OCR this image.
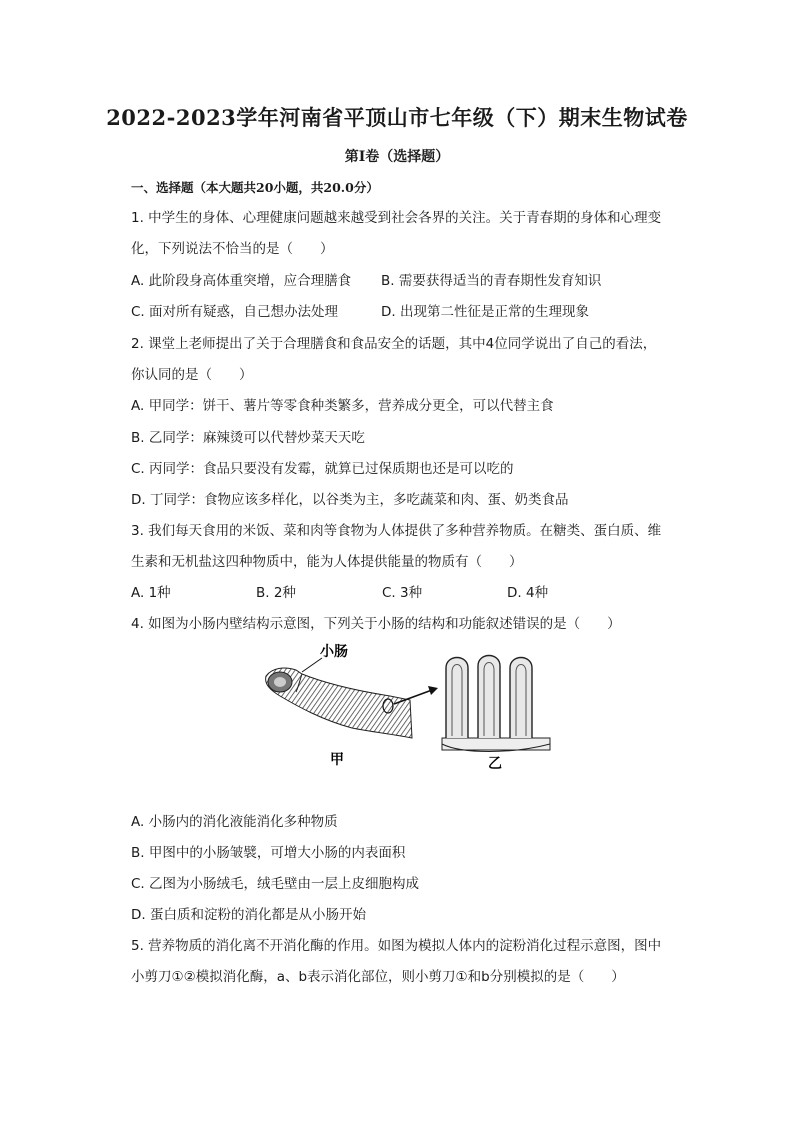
2022-2023学年河南省平顶山市七年级（下）期末生物试卷
第I卷（选择题）
一、选择题（本大题共20小题，共20.0分）
1. 中学生的身体、心理健康问题越来越受到社会各界的关注。关于青春期的身体和心理变
化，下列说法不恰当的是（　　）
A. 此阶段身高体重突增，应合理膳食 B. 需要获得适当的青春期性发育知识
C. 面对所有疑惑，自己想办法处理	D. 出现第二性征是正常的生理现象
2. 课堂上老师提出了关于合理膳食和食品安全的话题，其中4位同学说出了自己的看法，
你认同的是（　　）
A. 甲同学：饼干、薯片等零食种类繁多，营养成分更全，可以代替主食
B. 乙同学：麻辣烫可以代替炒菜天天吃
C. 丙同学：食品只要没有发霉，就算已过保质期也还是可以吃的
D. 丁同学：食物应该多样化，以谷类为主，多吃蔬菜和肉、蛋、奶类食品
3. 我们每天食用的米饭、菜和肉等食物为人体提供了多种营养物质。在糖类、蛋白质、维
生素和无机盐这四种物质中，能为人体提供能量的物质有（　　）
A. 1种	B. 2种	C. 3种	D. 4种
4. 如图为小肠内壁结构示意图，下列关于小肠的结构和功能叙述错误的是（　　）
小肠
甲	乙
A. 小肠内的消化液能消化多种物质
B. 甲图中的小肠皱襞，可增大小肠的内表面积
C. 乙图为小肠绒毛，绒毛壁由一层上皮细胞构成
D. 蛋白质和淀粉的消化都是从小肠开始
5. 营养物质的消化离不开消化酶的作用。如图为模拟人体内的淀粉消化过程示意图，图中
小剪刀①②模拟消化酶，a、b表示消化部位，则小剪刀①和b分别模拟的是（　　）
